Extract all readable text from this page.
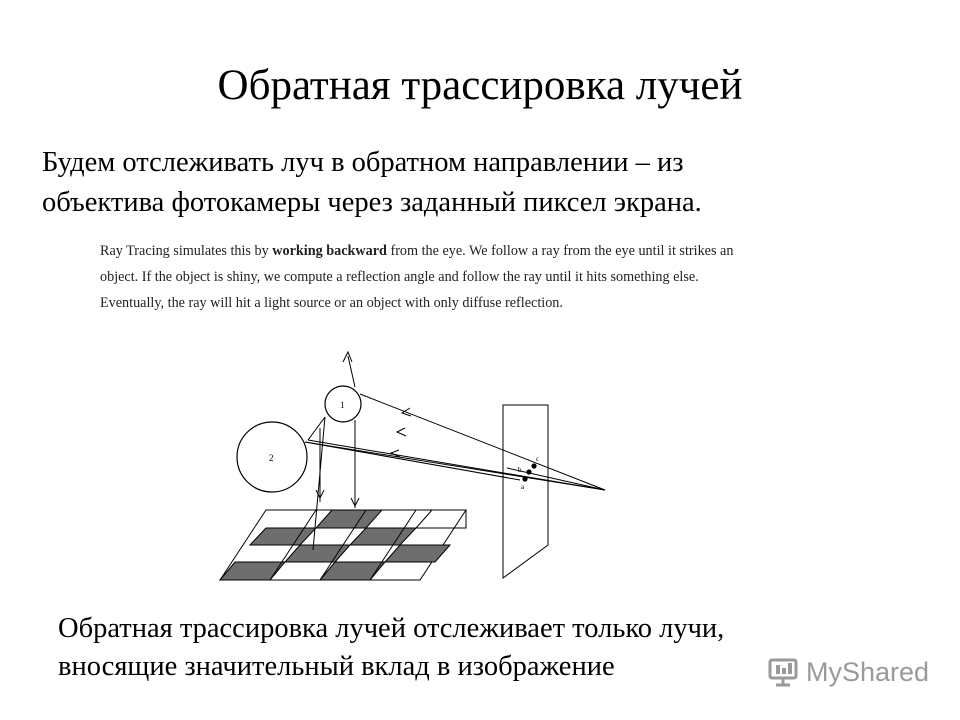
Обратная трассировка лучей
Будем отслеживать луч в обратном направлении – из
объектива фотокамеры через заданный пиксел экрана.
Ray Tracing simulates this by working backward from the eye. We follow a ray from the eye until it strikes an object. If the object is shiny, we compute a reflection angle and follow the ray until it hits something else. Eventually, the ray will hit a light source or an object with only diffuse reflection.
1
2	c
b
a
Обратная трассировка лучей отслеживает только лучи,
вносящие значительный вклад в изображение	MyShared
